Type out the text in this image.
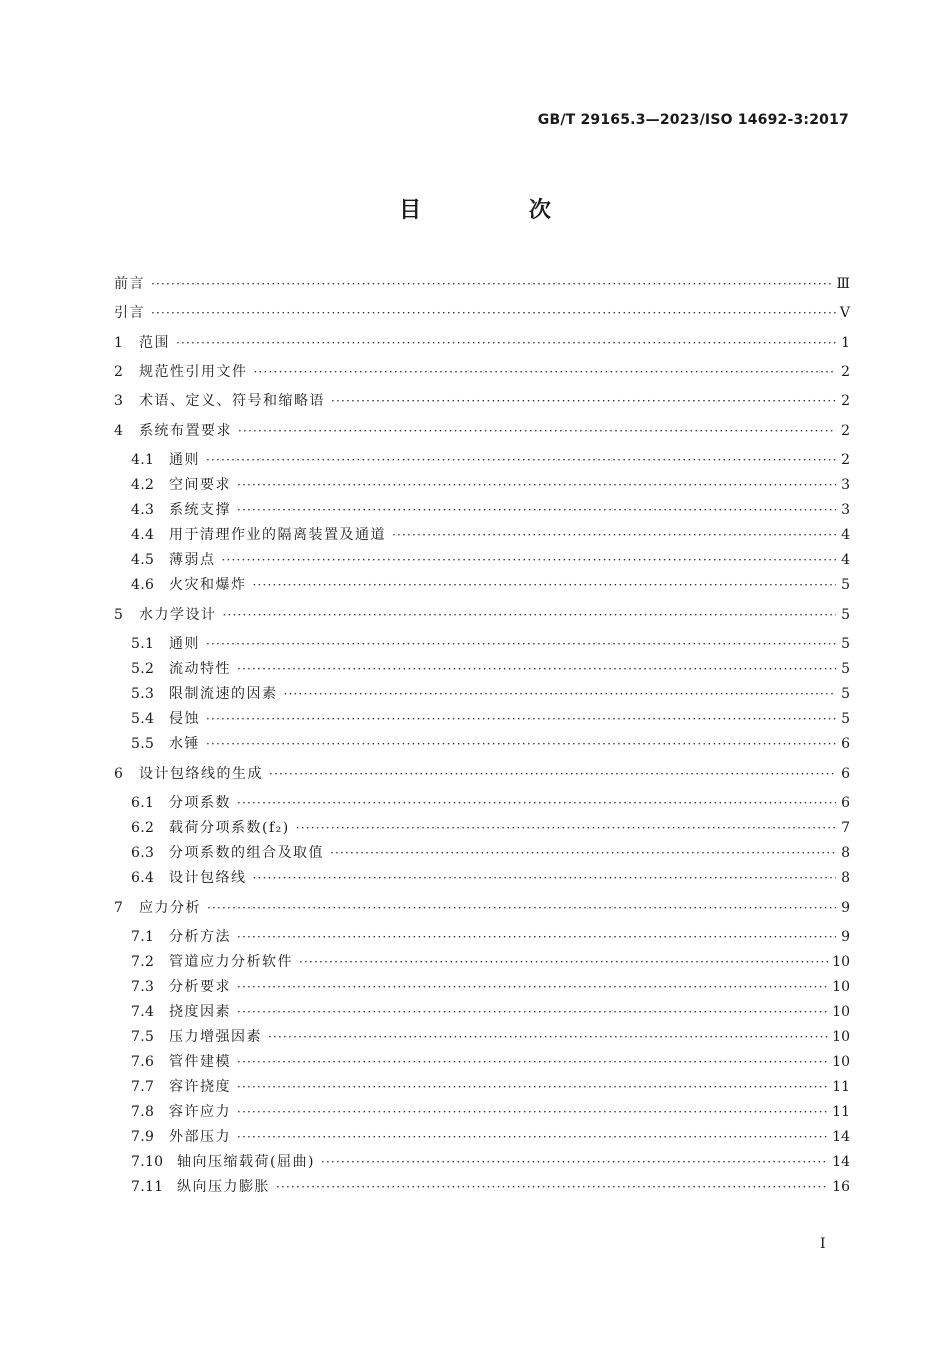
GB/T 29165.3—2023/ISO 14692-3:2017
目 次
前言 ·····	Ⅲ
引言 ·····	Ⅴ
1	范围 ·····	1
2	规范性引用文件 ·····	2
3	术语、定义、符号和缩略语 ·····	2
4	系统布置要求 ·····	2
4.1	通则 ·····	2
4.2	空间要求 ·····	3
4.3	系统支撑 ·····	3
4.4	用于清理作业的隔离装置及通道 ·····	4
4.5	薄弱点 ·····	4
4.6	火灾和爆炸 ·····	5
5	水力学设计 ·····	5
5.1	通则 ·····	5
5.2	流动特性 ·····	5
5.3	限制流速的因素 ·····	5
5.4	侵蚀 ·····	5
5.5	水锤 ·····	6
6	设计包络线的生成 ·····	6
6.1	分项系数 ·····	6
6.2	载荷分项系数(f₂) ·····	7
6.3	分项系数的组合及取值 ·····	8
6.4	设计包络线 ·····	8
7	应力分析 ·····	9
7.1	分析方法 ·····	9
7.2	管道应力分析软件 ·····	10
7.3	分析要求 ·····	10
7.4	挠度因素 ·····	10
7.5	压力增强因素 ·····	10
7.6	管件建模 ·····	10
7.7	容许挠度 ·····	11
7.8	容许应力 ·····	11
7.9	外部压力 ·····	14
7.10 轴向压缩载荷(屈曲) ·····	14
7.11 纵向压力膨胀 ·····	16
I
